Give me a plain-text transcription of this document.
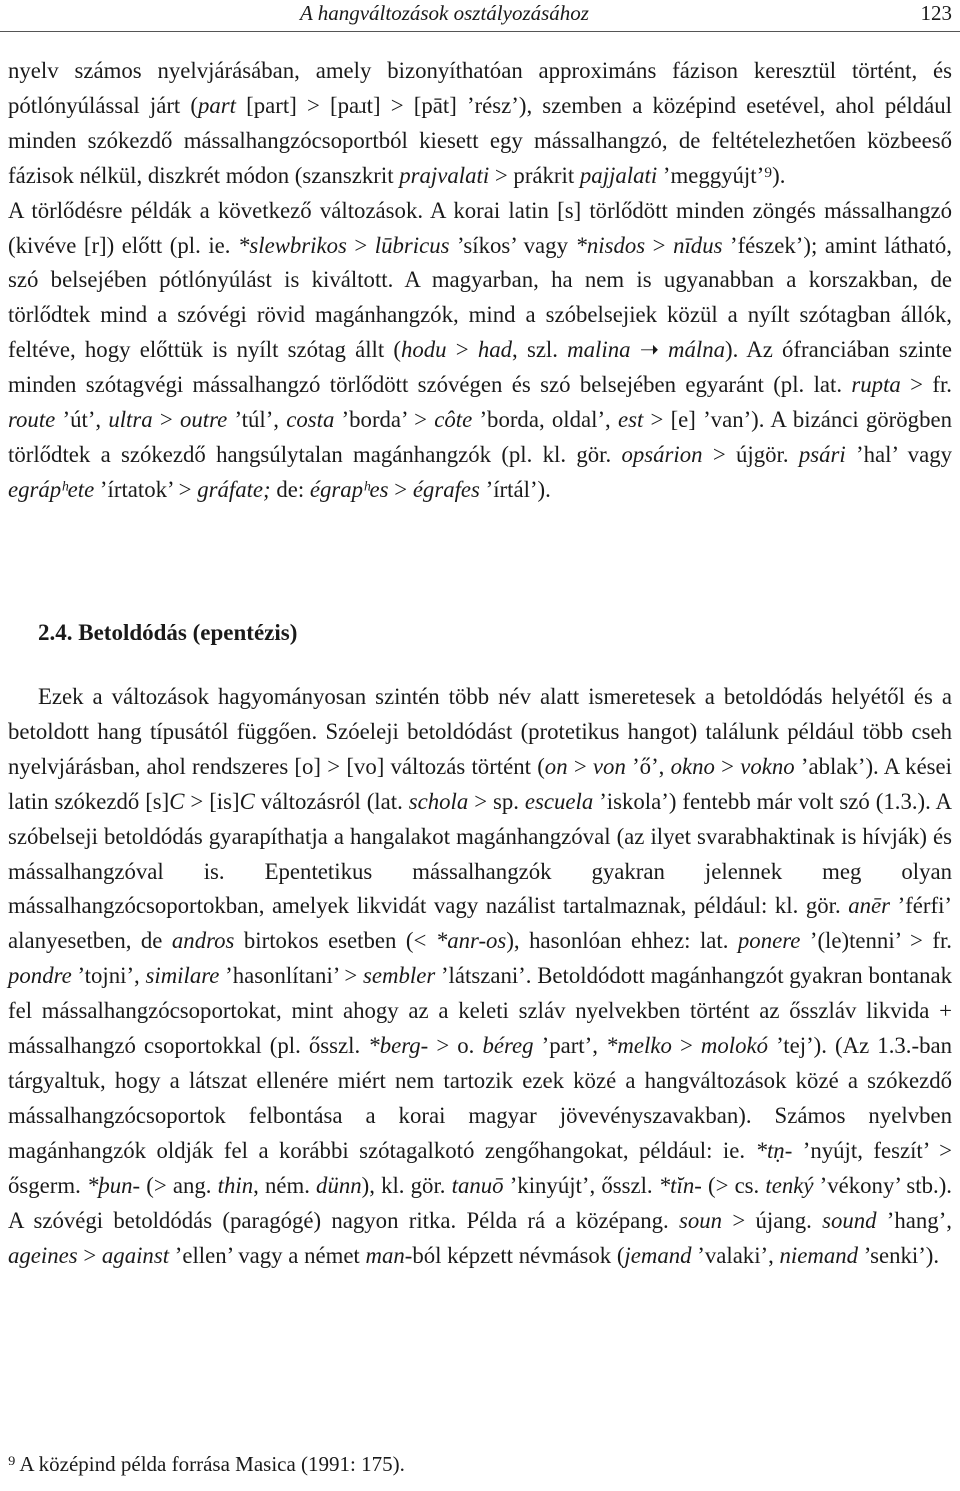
A hangváltozások osztályozásához	123

nyelv számos nyelvjárásában, amely bizonyíthatóan approximáns fázison keresztül történt, és pótlónyúlással járt (part [part] > [paɹt] > [pāt] ’rész’), szemben a középind esetével, ahol például minden szókezdő mássalhangzócsoportból kiesett egy mássalhangzó, de feltételezhetően közbeeső fázisok nélkül, diszkrét módon (szanszkrit prajvalati > prákrit pajjalati ’meggyújt’⁹).

A törlődésre példák a következő változások. A korai latin [s] törlődött minden zöngés mássalhangzó (kivéve [r]) előtt (pl. ie. *slewbrikos > lūbricus ’síkos’ vagy *nisdos > nīdus ’fészek’); amint látható, szó belsejében pótlónyúlást is kiváltott. A magyarban, ha nem is ugyanabban a korszakban, de törlődtek mind a szóvégi rövid magánhangzók, mind a szóbelsejiek közül a nyílt szótagban állók, feltéve, hogy előttük is nyílt szótag állt (hodu > had, szl. malina ➝ málna). Az ófranciában szinte minden szótagvégi mássalhangzó törlődött szóvégen és szó belsejében egyaránt (pl. lat. rupta > fr. route ’út’, ultra > outre ’túl’, costa ’borda’ > côte ’borda, oldal’, est > [e] ’van’). A bizánci görögben törlődtek a szókezdő hangsúlytalan magánhangzók (pl. kl. gör. opsárion > újgör. psári ’hal’ vagy egrápʰete ’írtatok’ > gráfate; de: égrapʰes > égrafes ’írtál’).

2.4. Betoldódás (epentézis)

Ezek a változások hagyományosan szintén több név alatt ismeretesek a betoldódás helyétől és a betoldott hang típusától függően. Szóeleji betoldódást (protetikus hangot) találunk például több cseh nyelvjárásban, ahol rendszeres [o] > [vo] változás történt (on > von ’ő’, okno > vokno ’ablak’). A kései latin szókezdő [s]C > [is]C változásról (lat. schola > sp. escuela ’iskola’) fentebb már volt szó (1.3.). A szóbelseji betoldódás gyarapíthatja a hangalakot magánhangzóval (az ilyet svarabhaktinak is hívják) és mássalhangzóval is. Epentetikus mássalhangzók gyakran jelennek meg olyan mássalhangzócsoportokban, amelyek likvidát vagy nazálist tartalmaznak, például: kl. gör. anēr ’férfi’ alanyesetben, de andros birtokos esetben (< *anr-os), hasonlóan ehhez: lat. ponere ’(le)tenni’ > fr. pondre ’tojni’, similare ’hasonlítani’ > sembler ’látszani’. Betoldódott magánhangzót gyakran bontanak fel mássalhangzócsoportokat, mint ahogy az a keleti szláv nyelvekben történt az ősszláv likvida + mássalhangzó csoportokkal (pl. ősszl. *berg- > o. béreg ’part’, *melko > molokó ’tej’). (Az 1.3.-ban tárgyaltuk, hogy a látszat ellenére miért nem tartozik ezek közé a hangváltozások közé a szókezdő mássalhangzócsoportok felbontása a korai magyar jövevényszavakban). Számos nyelvben magánhangzók oldják fel a korábbi szótagalkotó zengőhangokat, például: ie. *tṇ- ’nyújt, feszít’ > ősgerm. *þun- (> ang. thin, ném. dünn), kl. gör. tanuō ’kinyújt’, ősszl. *tĭn- (> cs. tenký ’vékony’ stb.). A szóvégi betoldódás (paragógé) nagyon ritka. Példa rá a középang. soun > újang. sound ’hang’, ageines > against ’ellen’ vagy a német man-ból képzett névmások (jemand ’valaki’, niemand ’senki’).

⁹ A középind példa forrása Masica (1991: 175).
